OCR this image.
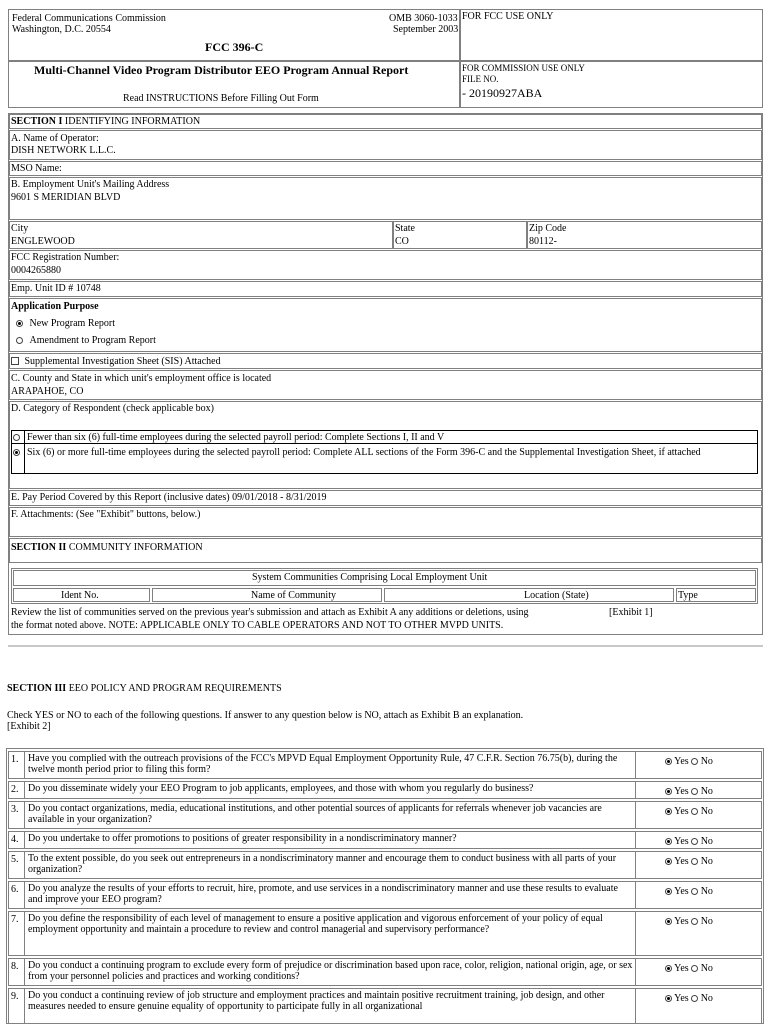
Federal Communications Commission
Washington, D.C. 20554
OMB 3060-1033
September 2003
FCC 396-C
FOR FCC USE ONLY
Multi-Channel Video Program Distributor EEO Program Annual Report
Read INSTRUCTIONS Before Filling Out Form
FOR COMMISSION USE ONLY
FILE NO.
- 20190927ABA
SECTION I IDENTIFYING INFORMATION
A. Name of Operator:
DISH NETWORK L.L.C.
MSO Name:
B. Employment Unit's Mailing Address
9601 S MERIDIAN BLVD
City
ENGLEWOOD
State
CO
Zip Code
80112-
FCC Registration Number:
0004265880
Emp. Unit ID # 10748
Application Purpose
New Program Report
Amendment to Program Report
Supplemental Investigation Sheet (SIS) Attached
C. County and State in which unit's employment office is located
ARAPAHOE, CO
D. Category of Respondent (check applicable box)
Fewer than six (6) full-time employees during the selected payroll period: Complete Sections I, II and V
Six (6) or more full-time employees during the selected payroll period: Complete ALL sections of the Form 396-C and the Supplemental Investigation Sheet, if attached
E. Pay Period Covered by this Report (inclusive dates) 09/01/2018 - 8/31/2019
F. Attachments: (See "Exhibit" buttons, below.)
SECTION II COMMUNITY INFORMATION
System Communities Comprising Local Employment Unit
Ident No.	Name of Community	Location (State)	Type
Review the list of communities served on the previous year's submission and attach as Exhibit A any additions or deletions, using	[Exhibit 1]
the format noted above. NOTE: APPLICABLE ONLY TO CABLE OPERATORS AND NOT TO OTHER MVPD UNITS.
SECTION III EEO POLICY AND PROGRAM REQUIREMENTS
Check YES or NO to each of the following questions. If answer to any question below is NO, attach as Exhibit B an explanation.
[Exhibit 2]
1. Have you complied with the outreach provisions of the FCC's MPVD Equal Employment Opportunity Rule, 47 C.F.R. Section 76.75(b), during the twelve month period prior to filing this form?
Yes No
2. Do you disseminate widely your EEO Program to job applicants, employees, and those with whom you regularly do business?	Yes No
3. Do you contact organizations, media, educational institutions, and other potential sources of applicants for referrals whenever job vacancies are available in your organization?
Yes No
4. Do you undertake to offer promotions to positions of greater responsibility in a nondiscriminatory manner?	Yes No
5. To the extent possible, do you seek out entrepreneurs in a nondiscriminatory manner and encourage them to conduct business with all parts of your organization?
Yes No
6. Do you analyze the results of your efforts to recruit, hire, promote, and use services in a nondiscriminatory manner and use these results to evaluate and improve your EEO program?
Yes No
7. Do you define the responsibility of each level of management to ensure a positive application and vigorous enforcement of your policy of equal employment opportunity and maintain a procedure to review and control managerial and supervisory performance?
Yes No
8. Do you conduct a continuing program to exclude every form of prejudice or discrimination based upon race, color, religion, national origin, age, or sex from your personnel policies and practices and working conditions?
Yes No
9. Do you conduct a continuing review of job structure and employment practices and maintain positive recruitment training, job design, and other measures needed to ensure genuine equality of opportunity to participate fully in all organizational
Yes No
